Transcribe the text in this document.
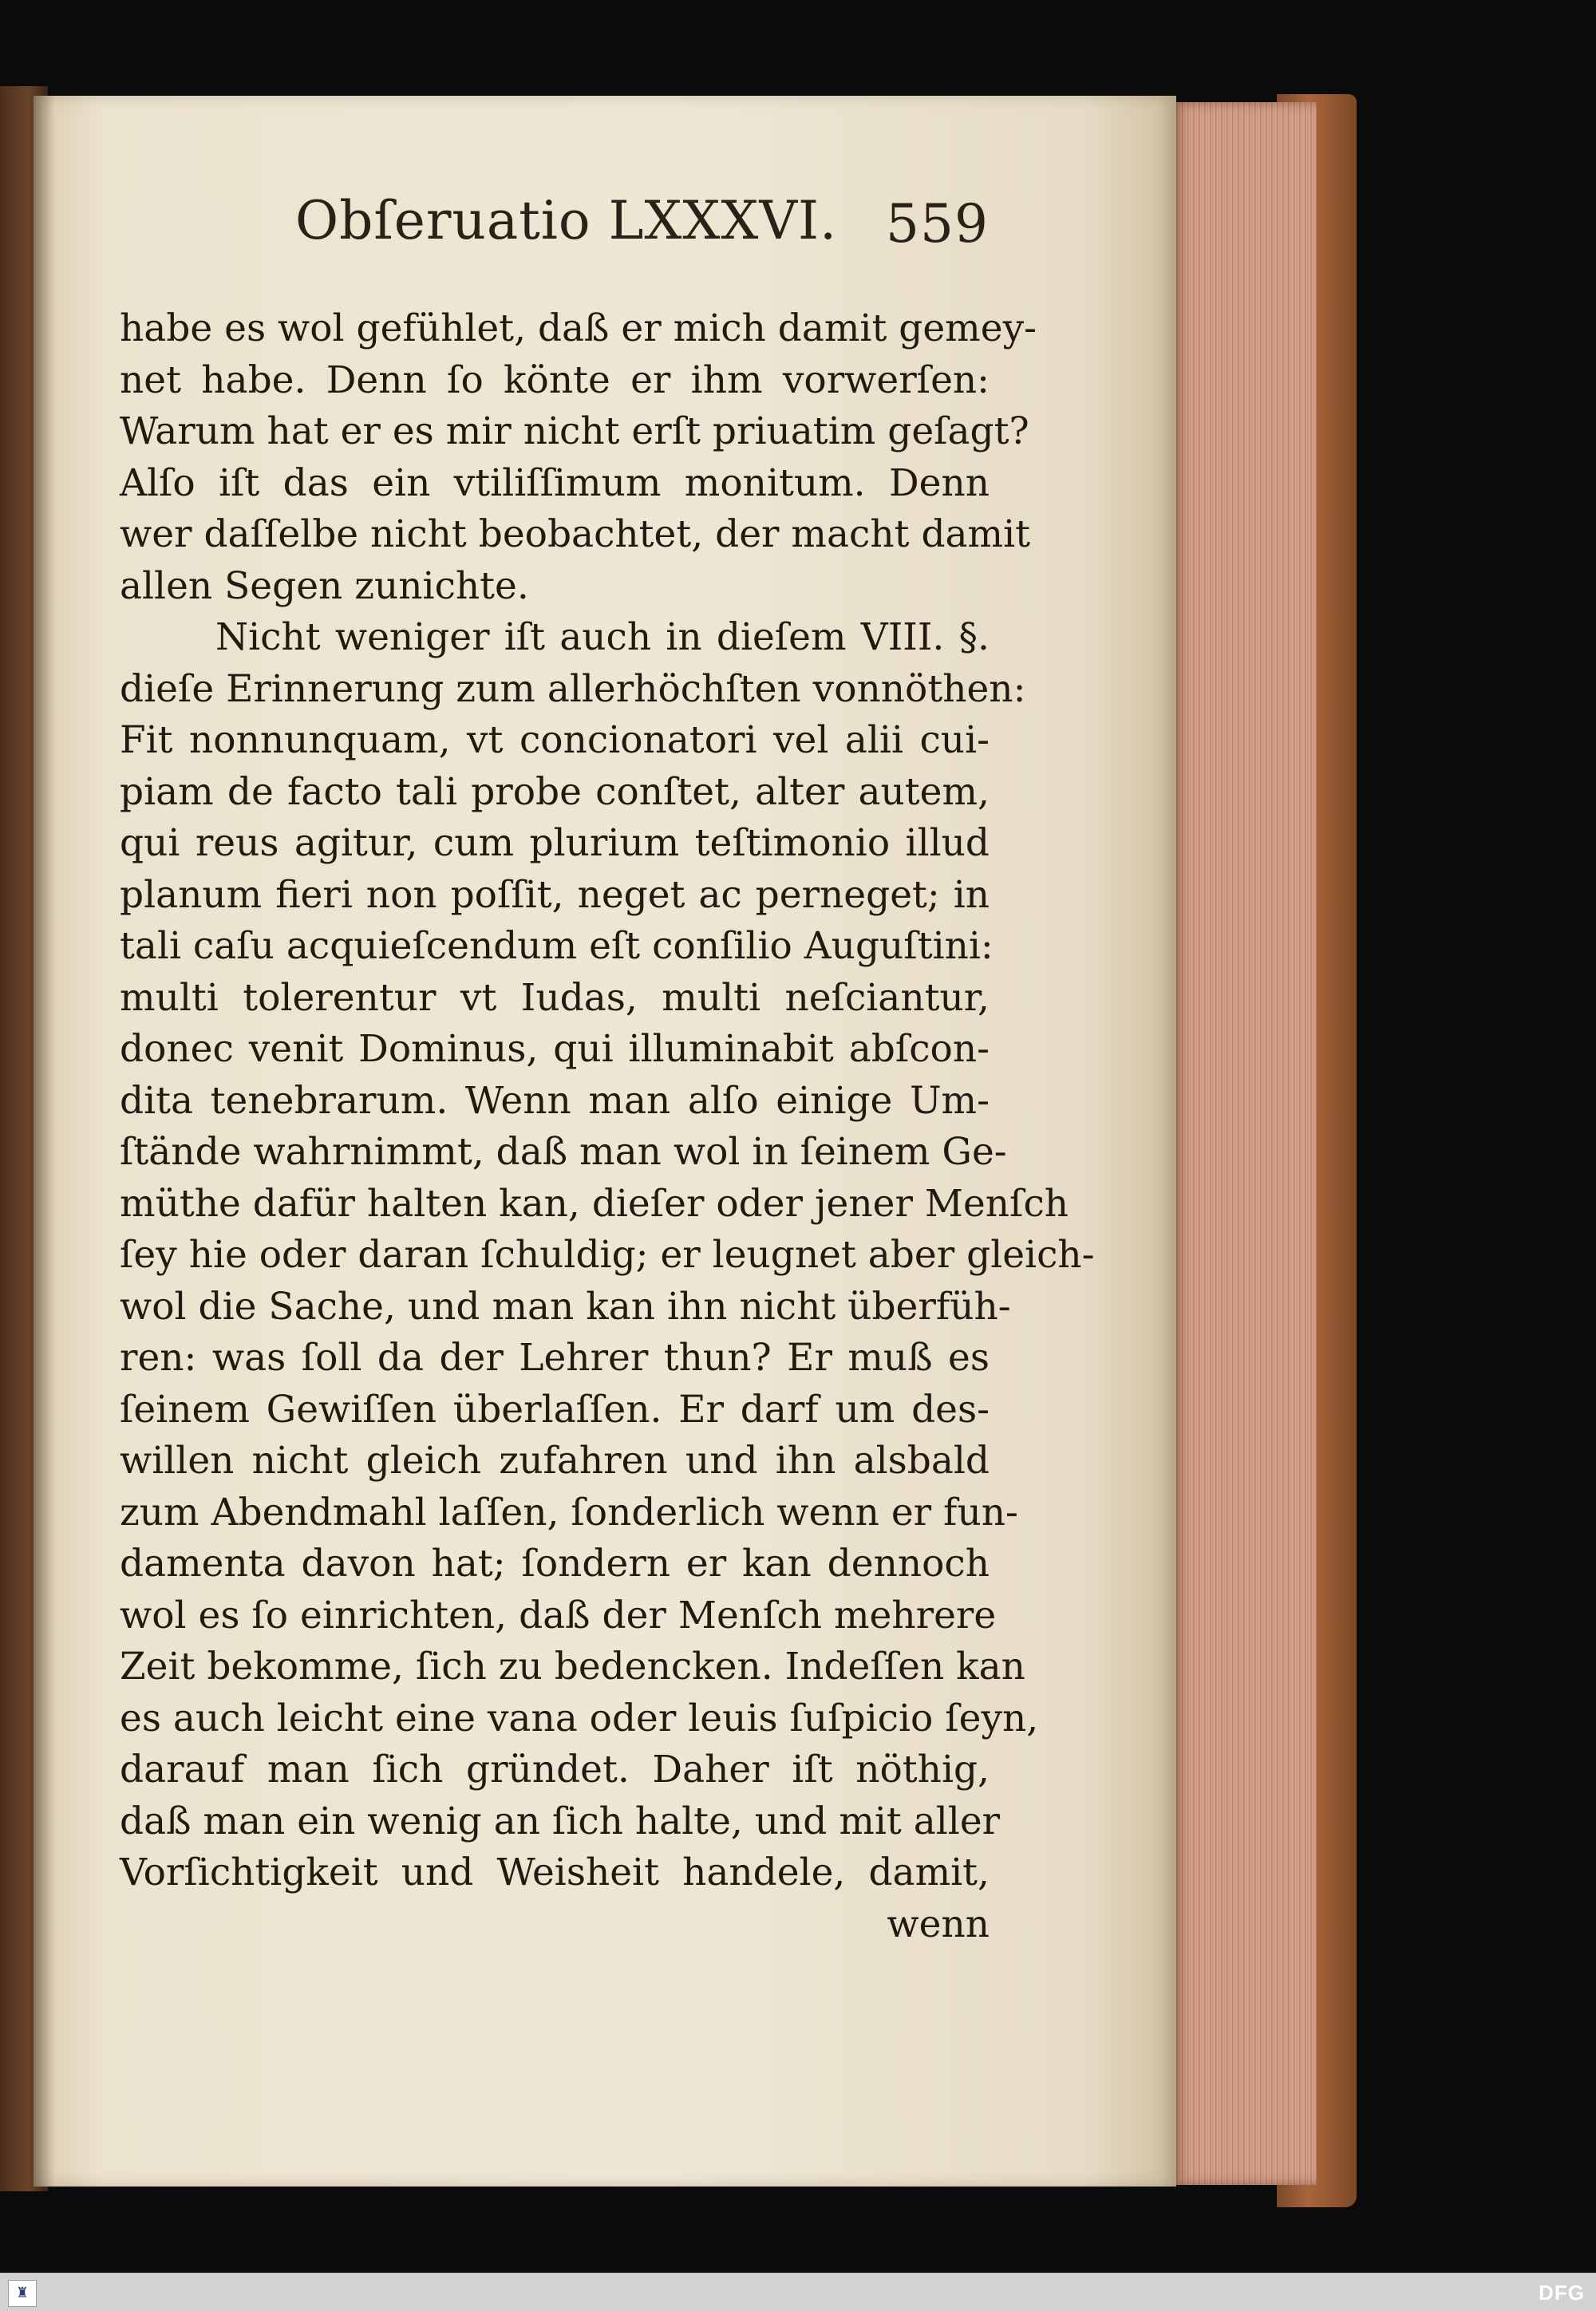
Obſeruatio LXXXVI. 559
habe es wol gefühlet, daß er mich damit gemey-
net habe. Denn ſo könte er ihm vorwerſen:
Warum hat er es mir nicht erſt priuatim geſagt?
Alſo iſt das ein vtiliſſimum monitum. Denn
wer daſſelbe nicht beobachtet, der macht damit
allen Segen zunichte.
Nicht weniger iſt auch in dieſem VIII. §.
dieſe Erinnerung zum allerhöchſten vonnöthen:
Fit nonnunquam, vt concionatori vel alii cui-
piam de facto tali probe conſtet, alter autem,
qui reus agitur, cum plurium teſtimonio illud
planum fieri non poſſit, neget ac perneget; in
tali caſu acquieſcendum eſt conſilio Auguſtini:
multi tolerentur vt Iudas, multi neſciantur,
donec venit Dominus, qui illuminabit abſcon-
dita tenebrarum. Wenn man alſo einige Um-
ſtände wahrnimmt, daß man wol in ſeinem Ge-
müthe dafür halten kan, dieſer oder jener Menſch
ſey hie oder daran ſchuldig; er leugnet aber gleich-
wol die Sache, und man kan ihn nicht überfüh-
ren: was ſoll da der Lehrer thun? Er muß es
ſeinem Gewiſſen überlaſſen. Er darf um des-
willen nicht gleich zufahren und ihn alsbald
zum Abendmahl laſſen, ſonderlich wenn er fun-
damenta davon hat; ſondern er kan dennoch
wol es ſo einrichten, daß der Menſch mehrere
Zeit bekomme, ſich zu bedencken. Indeſſen kan
es auch leicht eine vana oder leuis ſuſpicio ſeyn,
darauf man ſich gründet. Daher iſt nöthig,
daß man ein wenig an ſich halte, und mit aller
Vorſichtigkeit und Weisheit handele, damit,
wenn
♜	DFG
